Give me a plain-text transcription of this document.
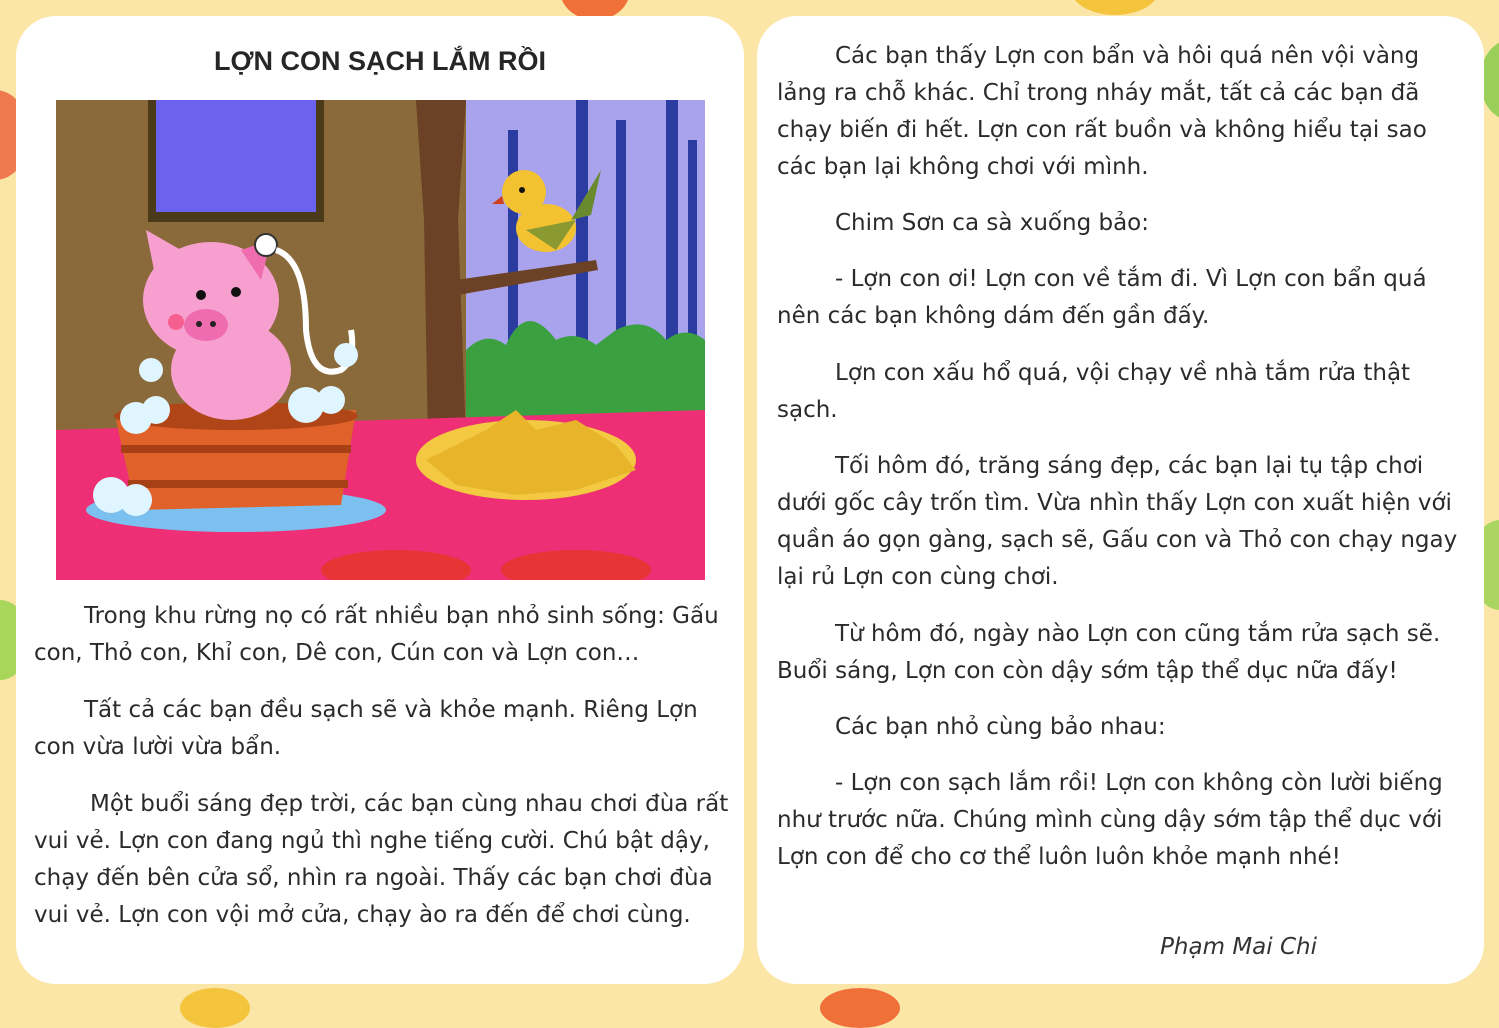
LỢN CON SẠCH LẮM RỒI

Trong khu rừng nọ có rất nhiều bạn nhỏ sinh sống: Gấu con, Thỏ con, Khỉ con, Dê con, Cún con và Lợn con…

Tất cả các bạn đều sạch sẽ và khỏe mạnh. Riêng Lợn con vừa lười vừa bẩn.

Một buổi sáng đẹp trời, các bạn cùng nhau chơi đùa rất vui vẻ. Lợn con đang ngủ thì nghe tiếng cười. Chú bật dậy, chạy đến bên cửa sổ, nhìn ra ngoài. Thấy các bạn chơi đùa vui vẻ. Lợn con vội mở cửa, chạy ào ra đến để chơi cùng.

Các bạn thấy Lợn con bẩn và hôi quá nên vội vàng lảng ra chỗ khác. Chỉ trong nháy mắt, tất cả các bạn đã chạy biến đi hết. Lợn con rất buồn và không hiểu tại sao các bạn lại không chơi với mình.

Chim Sơn ca sà xuống bảo:

- Lợn con ơi! Lợn con về tắm đi. Vì Lợn con bẩn quá nên các bạn không dám đến gần đấy.

Lợn con xấu hổ quá, vội chạy về nhà tắm rửa thật sạch.

Tối hôm đó, trăng sáng đẹp, các bạn lại tụ tập chơi dưới gốc cây trốn tìm. Vừa nhìn thấy Lợn con xuất hiện với quần áo gọn gàng, sạch sẽ, Gấu con và Thỏ con chạy ngay lại rủ Lợn con cùng chơi.

Từ hôm đó, ngày nào Lợn con cũng tắm rửa sạch sẽ. Buổi sáng, Lợn con còn dậy sớm tập thể dục nữa đấy!

Các bạn nhỏ cùng bảo nhau:

- Lợn con sạch lắm rồi! Lợn con không còn lười biếng như trước nữa. Chúng mình cùng dậy sớm tập thể dục với Lợn con để cho cơ thể luôn luôn khỏe mạnh nhé!

Phạm Mai Chi
